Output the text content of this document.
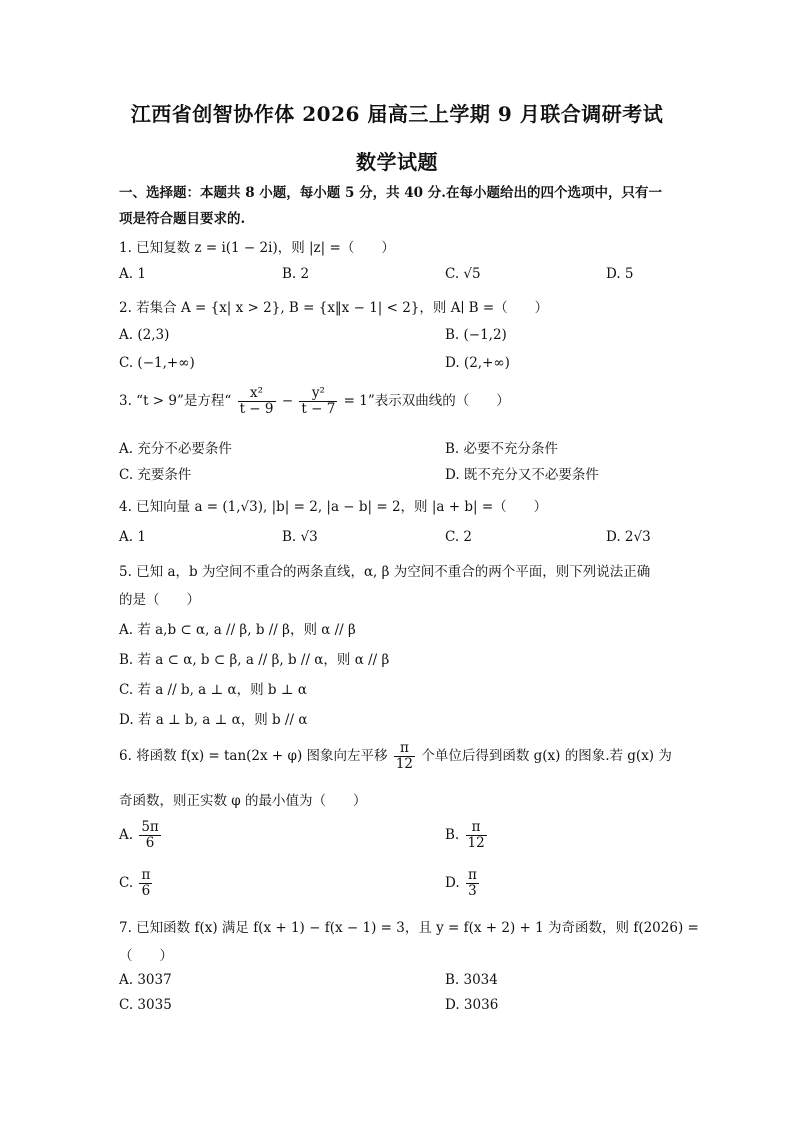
江西省创智协作体 2026 届高三上学期 9 月联合调研考试
数学试题
一、选择题：本题共 8 小题，每小题 5 分，共 40 分.在每小题给出的四个选项中，只有一
项是符合题目要求的.
1. 已知复数 z = i(1 − 2i)，则 |z| =（　　）
A. 1	B. 2	C. √5	D. 5
2. 若集合 A = {x| x > 2}, B = {x‖x − 1| < 2}，则 A∣ B =（　　）
A. (2,3)	B. (−1,2)
C. (−1,+∞)	D. (2,+∞)
3. “t > 9”是方程“ $\frac{\text{x²}}{t - 9} - \frac{\text{y²}}{t - 7} = 1$”表示双曲线的（　　）
A. 充分不必要条件	B. 必要不充分条件
C. 充要条件	D. 既不充分又不必要条件
4. 已知向量 a = (1,√3), |b| = 2, |a − b| = 2，则 |a + b| =（　　）
A. 1	B. √3	C. 2	D. 2√3
5. 已知 a，b 为空间不重合的两条直线，α, β 为空间不重合的两个平面，则下列说法正确
的是（　　）
A. 若 a,b ⊂ α, a // β, b // β，则 α // β
B. 若 a ⊂ α, b ⊂ β, a // β, b // α，则 α // β
C. 若 a // b, a ⊥ α，则 b ⊥ α
D. 若 a ⊥ b, a ⊥ α，则 b // α
6. 将函数 f(x) = tan(2x + φ) 图象向左平移 $\frac{\pi}{12}$ 个单位后得到函数 g(x) 的图象.若 g(x) 为
奇函数，则正实数 φ 的最小值为（　　）
A. $\frac{5\pi}{6}$	B. $\frac{\pi}{12}$
C. $\frac{\pi}{6}$	D. $\frac{\pi}{3}$
7. 已知函数 f(x) 满足 f(x + 1) − f(x − 1) = 3，且 y = f(x + 2) + 1 为奇函数，则 f(2026) =
（　　）
A. 3037	B. 3034
C. 3035	D. 3036
